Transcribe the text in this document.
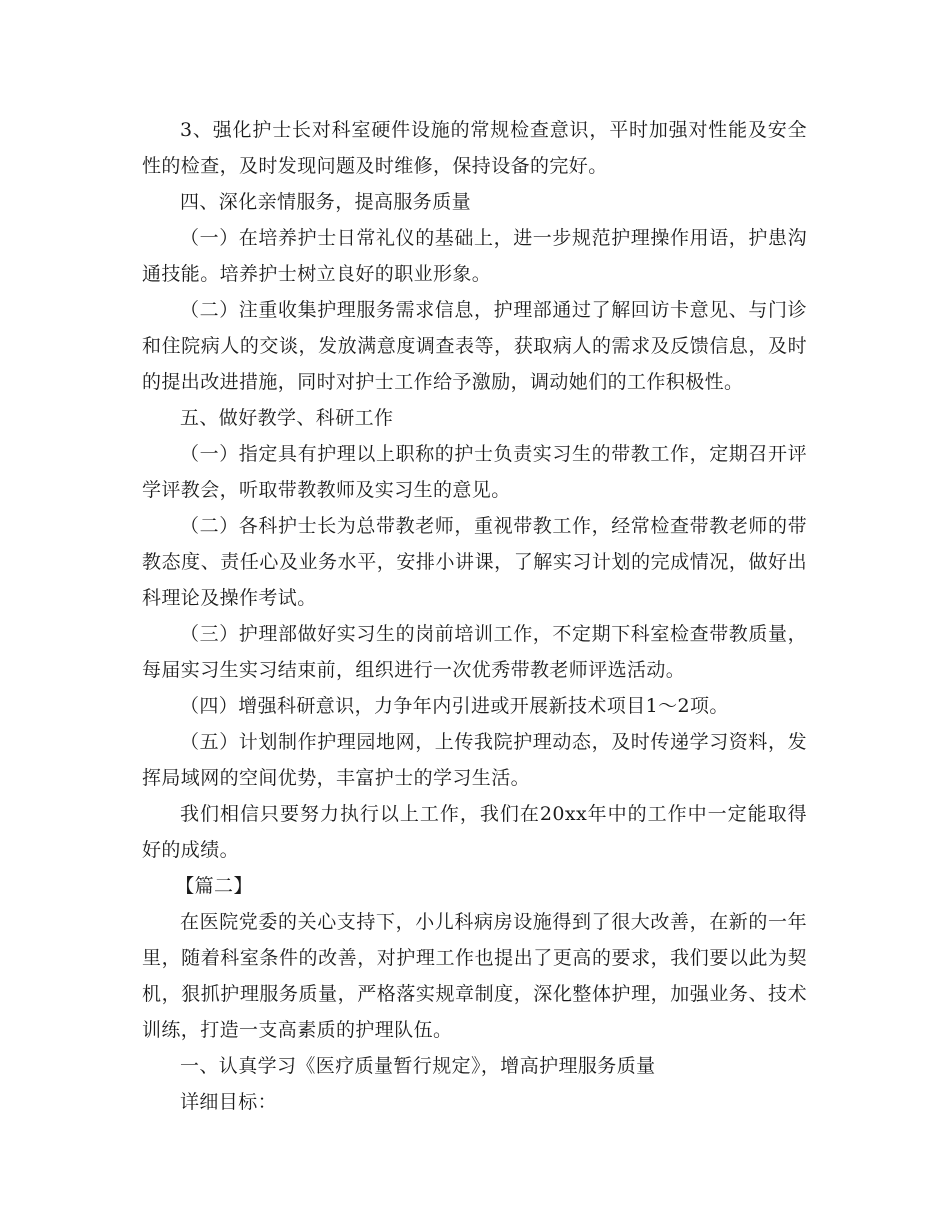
3、强化护士长对科室硬件设施的常规检查意识，平时加强对性能及安全性的检查，及时发现问题及时维修，保持设备的完好。

四、深化亲情服务，提高服务质量

（一）在培养护士日常礼仪的基础上，进一步规范护理操作用语，护患沟通技能。培养护士树立良好的职业形象。

（二）注重收集护理服务需求信息，护理部通过了解回访卡意见、与门诊和住院病人的交谈，发放满意度调查表等，获取病人的需求及反馈信息，及时的提出改进措施，同时对护士工作给予激励，调动她们的工作积极性。

五、做好教学、科研工作

（一）指定具有护理以上职称的护士负责实习生的带教工作，定期召开评学评教会，听取带教教师及实习生的意见。

（二）各科护士长为总带教老师，重视带教工作，经常检查带教老师的带教态度、责任心及业务水平，安排小讲课，了解实习计划的完成情况，做好出科理论及操作考试。

（三）护理部做好实习生的岗前培训工作，不定期下科室检查带教质量，每届实习生实习结束前，组织进行一次优秀带教老师评选活动。

（四）增强科研意识，力争年内引进或开展新技术项目1～2项。

（五）计划制作护理园地网，上传我院护理动态，及时传递学习资料，发挥局域网的空间优势，丰富护士的学习生活。

我们相信只要努力执行以上工作，我们在20xx年中的工作中一定能取得好的成绩。

【篇二】

在医院党委的关心支持下，小儿科病房设施得到了很大改善，在新的一年里，随着科室条件的改善，对护理工作也提出了更高的要求，我们要以此为契机，狠抓护理服务质量，严格落实规章制度，深化整体护理，加强业务、技术训练，打造一支高素质的护理队伍。

一、认真学习《医疗质量暂行规定》，增高护理服务质量

详细目标：
